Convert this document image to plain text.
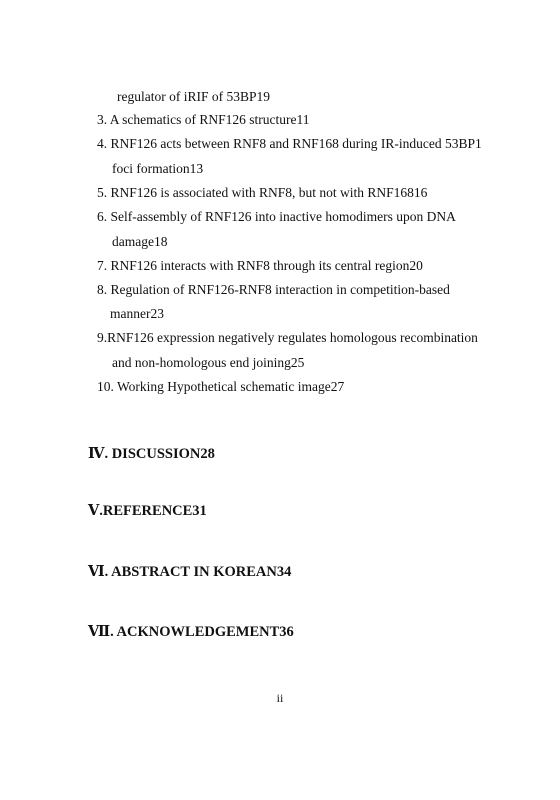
regulator of iRIF of 53BP19
3. A schematics of RNF126 structure11
4. RNF126 acts between RNF8 and RNF168 during IR-induced 53BP1
foci formation13
5. RNF126 is associated with RNF8, but not with RNF16816
6. Self-assembly of RNF126 into inactive homodimers upon DNA
damage18
7. RNF126 interacts with RNF8 through its central region20
8. Regulation of RNF126-RNF8 interaction in competition-based
manner23
9.RNF126 expression negatively regulates homologous recombination
and non-homologous end joining25
10. Working Hypothetical schematic image27
Ⅳ. DISCUSSION28
Ⅴ.REFERENCE31
Ⅵ. ABSTRACT IN KOREAN34
Ⅶ. ACKNOWLEDGEMENT36
ii
